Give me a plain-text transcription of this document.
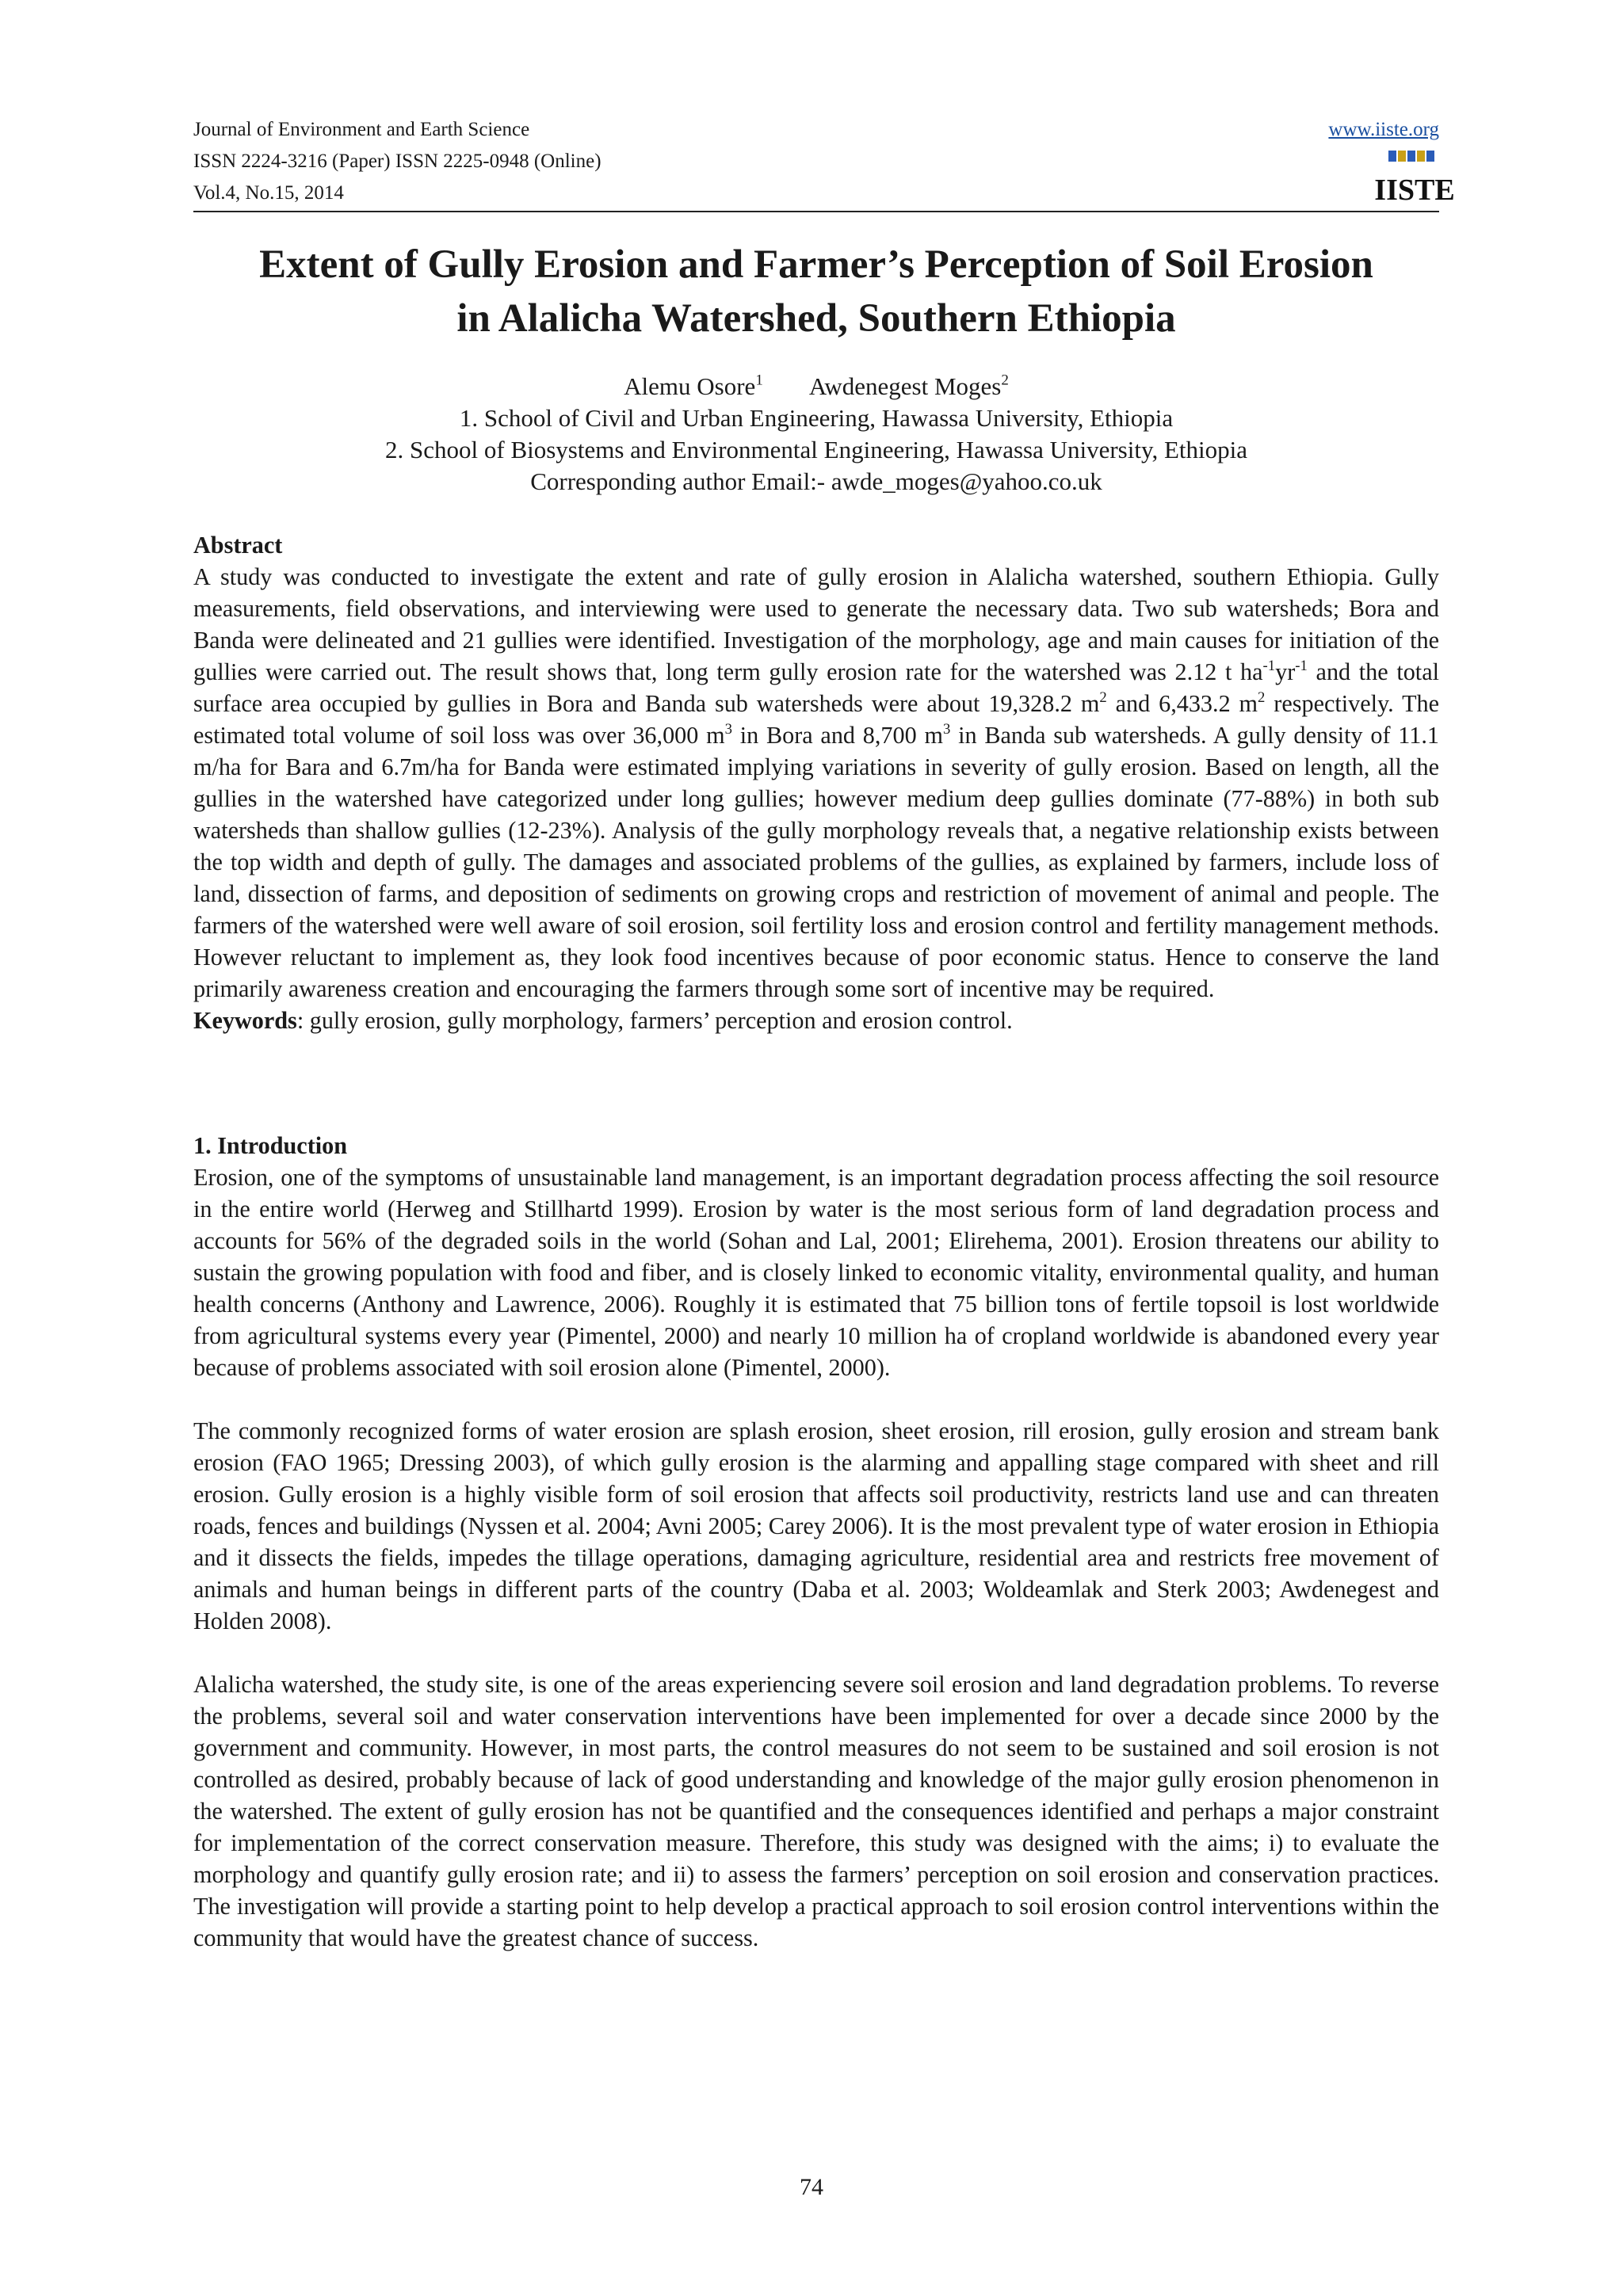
Journal of Environment and Earth Science
ISSN 2224-3216 (Paper) ISSN 2225-0948 (Online)
Vol.4, No.15, 2014
www.iiste.org
IISTE
Extent of Gully Erosion and Farmer’s Perception of Soil Erosion
in Alalicha Watershed, Southern Ethiopia
Alemu Osore$^1$ Awdenegest Moges$^2$
1. School of Civil and Urban Engineering, Hawassa University, Ethiopia
2. School of Biosystems and Environmental Engineering, Hawassa University, Ethiopia
Corresponding author Email:- awde_moges@yahoo.co.uk
Abstract

A study was conducted to investigate the extent and rate of gully erosion in Alalicha watershed, southern Ethiopia. Gully measurements, field observations, and interviewing were used to generate the necessary data. Two sub watersheds; Bora and Banda were delineated and 21 gullies were identified. Investigation of the morphology, age and main causes for initiation of the gullies were carried out. The result shows that, long term gully erosion rate for the watershed was 2.12 t $ha^{-1}yr^{-1}$ and the total surface area occupied by gullies in Bora and Banda sub watersheds were about 19,328.2 $m^2$ and 6,433.2 $m^2$ respectively. The estimated total volume of soil loss was over 36,000 $m^3$ in Bora and 8,700 $m^3$ in Banda sub watersheds. A gully density of 11.1 m/ha for Bara and 6.7m/ha for Banda were estimated implying variations in severity of gully erosion. Based on length, all the gullies in the watershed have categorized under long gullies; however medium deep gullies dominate (77-88%) in both sub watersheds than shallow gullies (12-23%). Analysis of the gully morphology reveals that, a negative relationship exists between the top width and depth of gully. The damages and associated problems of the gullies, as explained by farmers, include loss of land, dissection of farms, and deposition of sediments on growing crops and restriction of movement of animal and people. The farmers of the watershed were well aware of soil erosion, soil fertility loss and erosion control and fertility management methods. However reluctant to implement as, they look food incentives because of poor economic status. Hence to conserve the land primarily awareness creation and encouraging the farmers through some sort of incentive may be required.

Keywords: gully erosion, gully morphology, farmers’ perception and erosion control.
1. Introduction

Erosion, one of the symptoms of unsustainable land management, is an important degradation process affecting the soil resource in the entire world (Herweg and Stillhartd 1999). Erosion by water is the most serious form of land degradation process and accounts for 56% of the degraded soils in the world (Sohan and Lal, 2001; Elirehema, 2001). Erosion threatens our ability to sustain the growing population with food and fiber, and is closely linked to economic vitality, environmental quality, and human health concerns (Anthony and Lawrence, 2006). Roughly it is estimated that 75 billion tons of fertile topsoil is lost worldwide from agricultural systems every year (Pimentel, 2000) and nearly 10 million ha of cropland worldwide is abandoned every year because of problems associated with soil erosion alone (Pimentel, 2000).

The commonly recognized forms of water erosion are splash erosion, sheet erosion, rill erosion, gully erosion and stream bank erosion (FAO 1965; Dressing 2003), of which gully erosion is the alarming and appalling stage compared with sheet and rill erosion. Gully erosion is a highly visible form of soil erosion that affects soil productivity, restricts land use and can threaten roads, fences and buildings (Nyssen et al. 2004; Avni 2005; Carey 2006). It is the most prevalent type of water erosion in Ethiopia and it dissects the fields, impedes the tillage operations, damaging agriculture, residential area and restricts free movement of animals and human beings in different parts of the country (Daba et al. 2003; Woldeamlak and Sterk 2003; Awdenegest and Holden 2008).

Alalicha watershed, the study site, is one of the areas experiencing severe soil erosion and land degradation problems. To reverse the problems, several soil and water conservation interventions have been implemented for over a decade since 2000 by the government and community. However, in most parts, the control measures do not seem to be sustained and soil erosion is not controlled as desired, probably because of lack of good understanding and knowledge of the major gully erosion phenomenon in the watershed. The extent of gully erosion has not be quantified and the consequences identified and perhaps a major constraint for implementation of the correct conservation measure. Therefore, this study was designed with the aims; i) to evaluate the morphology and quantify gully erosion rate; and ii) to assess the farmers’ perception on soil erosion and conservation practices. The investigation will provide a starting point to help develop a practical approach to soil erosion control interventions within the community that would have the greatest chance of success.

74
